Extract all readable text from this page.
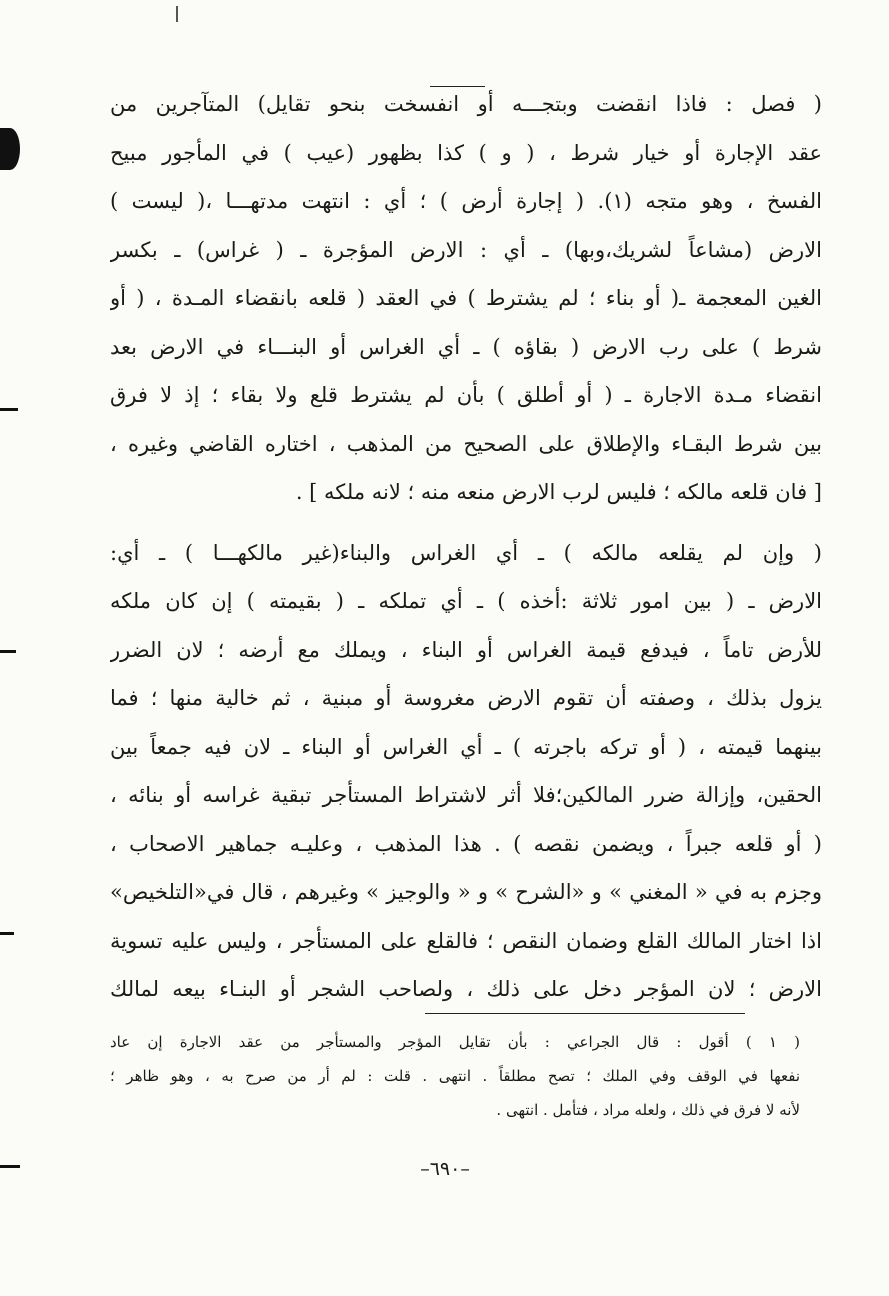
( فصل : فاذا انقضت وبتجـــه أو انفسخت بنحو تقايل) المتآجرين من
عقد الإجارة أو خيار شرط ، ( و ) كذا بظهور (عيب ) في المأجور مبيح
الفسخ ، وهو متجه (١). ( إجارة أرض ) ؛ أي : انتهت مدتهـــا ،( ليست )
الارض (مشاعاً لشريك،وبها) ـ أي : الارض المؤجرة ـ ( غراس) ـ بكسر
الغين المعجمة ـ( أو بناء ؛ لم يشترط ) في العقد ( قلعه بانقضاء المـدة ، ( أو
شرط ) على رب الارض ( بقاؤه ) ـ أي الغراس أو البنـــاء في الارض بعد
انقضاء مـدة الاجارة ـ ( أو أطلق ) بأن لم يشترط قلع ولا بقاء ؛ إذ لا فرق
بين شرط البقـاء والإطلاق على الصحيح من المذهب ، اختاره القاضي وغيره ،
[ فان قلعه مالكه ؛ فليس لرب الارض منعه منه ؛ لانه ملكه ] .
( وإن لم يقلعه مالكه ) ـ أي الغراس والبناء(غير مالكهـــا ) ـ أي:
الارض ـ ( بين امور ثلاثة :أخذه ) ـ أي تملكه ـ ( بقيمته ) إن كان ملكه
للأرض تاماً ، فيدفع قيمة الغراس أو البناء ، ويملك مع أرضه ؛ لان الضرر
يزول بذلك ، وصفته أن تقوم الارض مغروسة أو مبنية ، ثم خالية منها ؛ فما
بينهما قيمته ، ( أو تركه باجرته ) ـ أي الغراس أو البناء ـ لان فيه جمعاً بين
الحقين، وإزالة ضرر المالكين؛فلا أثر لاشتراط المستأجر تبقية غراسه أو بنائه ،
( أو قلعه جبراً ، ويضمن نقصه ) . هذا المذهب ، وعليـه جماهير الاصحاب ،
وجزم به في « المغني » و «الشرح » و « والوجيز » وغيرهم ، قال في«التلخيص»
اذا اختار المالك القلع وضمان النقص ؛ فالقلع على المستأجر ، وليس عليه تسوية
الارض ؛ لان المؤجر دخل على ذلك ، ولصاحب الشجر أو البنـاء بيعه لمالك
( ١ ) أقول : قال الجراعي : بأن تقايل المؤجر والمستأجر من عقد الاجارة إن عاد
نفعها في الوقف وفي الملك ؛ تصح مطلقاً . انتهى . قلت : لم أر من صرح به ، وهو ظاهر ؛
لأنه لا فرق في ذلك ، ولعله مراد ، فتأمل . انتهى .
–٦٩٠–
